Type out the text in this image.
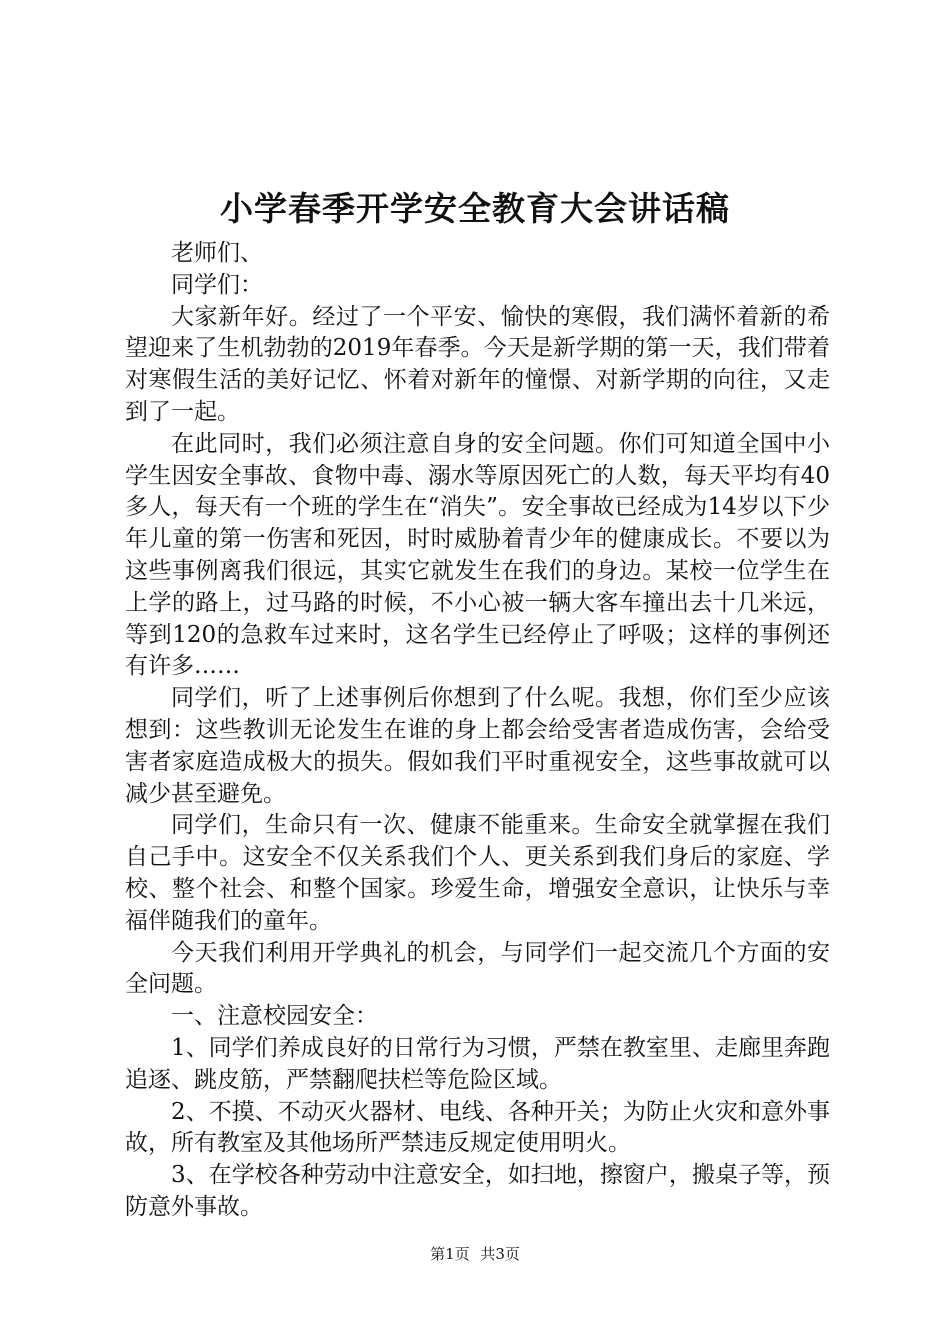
小学春季开学安全教育大会讲话稿

老师们、

同学们：

大家新年好。经过了一个平安、愉快的寒假，我们满怀着新的希望迎来了生机勃勃的2019年春季。今天是新学期的第一天，我们带着对寒假生活的美好记忆、怀着对新年的憧憬、对新学期的向往，又走到了一起。

在此同时，我们必须注意自身的安全问题。你们可知道全国中小学生因安全事故、食物中毒、溺水等原因死亡的人数，每天平均有40多人，每天有一个班的学生在“消失”。安全事故已经成为14岁以下少年儿童的第一伤害和死因，时时威胁着青少年的健康成长。不要以为这些事例离我们很远，其实它就发生在我们的身边。某校一位学生在上学的路上，过马路的时候，不小心被一辆大客车撞出去十几米远，等到120的急救车过来时，这名学生已经停止了呼吸；这样的事例还有许多……

同学们，听了上述事例后你想到了什么呢。我想，你们至少应该想到：这些教训无论发生在谁的身上都会给受害者造成伤害，会给受害者家庭造成极大的损失。假如我们平时重视安全，这些事故就可以减少甚至避免。

同学们，生命只有一次、健康不能重来。生命安全就掌握在我们自己手中。这安全不仅关系我们个人、更关系到我们身后的家庭、学校、整个社会、和整个国家。珍爱生命，增强安全意识，让快乐与幸福伴随我们的童年。

今天我们利用开学典礼的机会，与同学们一起交流几个方面的安全问题。

一、注意校园安全：

1、同学们养成良好的日常行为习惯，严禁在教室里、走廊里奔跑追逐、跳皮筋，严禁翻爬扶栏等危险区域。

2、不摸、不动灭火器材、电线、各种开关；为防止火灾和意外事故，所有教室及其他场所严禁违反规定使用明火。

3、在学校各种劳动中注意安全，如扫地，擦窗户，搬桌子等，预防意外事故。

第1页 共3页
